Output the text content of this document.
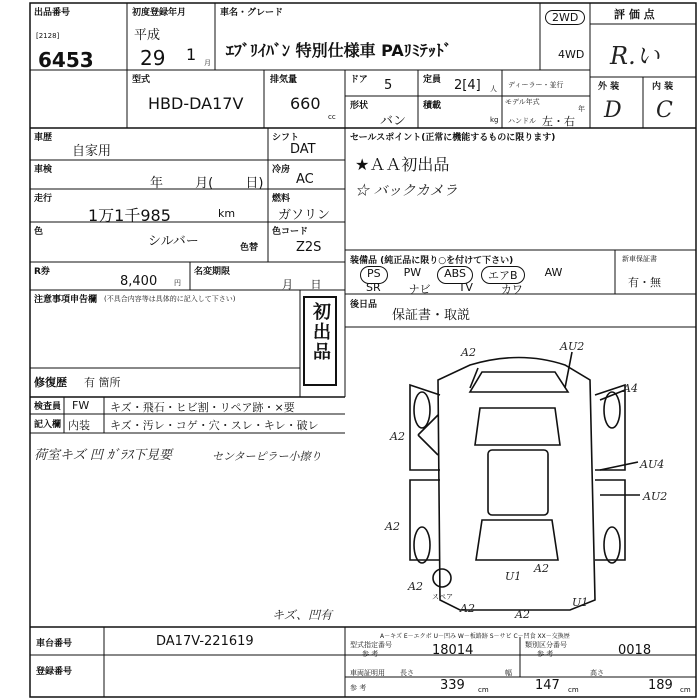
出品番号
[2128]
6453
初度登録年月
平成
29 1 月
車名・グレード
ｴﾌﾞﾘｲﾊﾞﾝ 特別仕様車 PAﾘﾐﾃｯﾄﾞ
2WD
4WD
評 価 点
R.い
外 装	内 装
D C
型式
HBD-DA17V
排気量
660
cc
ドア 5	定員 2[4] 人 ディーラー・並行
形状
バン
積載
kg
モデル年式
年
ハンドル 左・右
車歴
自家用
シフト
DAT
車検
年 月( 日)
冷房
AC
走行
1万1千985	km
燃料
ガソリン
色
シルバー	色替
色コード
Z2S
R券
8,400 円
名変期限
月 日
注意事項申告欄 (不具合内容等は具体的に記入して下さい)
初出品
修復歴 有 箇所
検査員
記入欄
FW キズ・飛石・ヒビ割・リペア跡・×要
内装 キズ・汚レ・コゲ・穴・スレ・キレ・破レ
荷室キズ 凹 ｶﾞﾗｽ下見要	センターピラー小擦り
セールスポイント(正常に機能するものに限ります)
★ＡＡ初出品
☆ バックカメラ
装備品 (純正品に限り○を付けて下さい)
PS	PW	ABS	エアB	AW
SR	ナビ	TV	カワ
新車保証書
有・無
後日品
保証書・取説
A2	AU2
A4
AU4
AU2
A2
U1
A2
A2
A2	A2
U1
A2
スペア
キズ、凹有
A－キズ E－エクボ U－凹み W－板路跡 S－サビ C－凹食 XX－交換歴
車台番号	DA17V-221619
登録番号
型式指定番号
参 考	18014	類別区分番号
参 考	0018
車両証明用
参 考
長さ
339 cm
幅
147 cm
高さ
189 cm
